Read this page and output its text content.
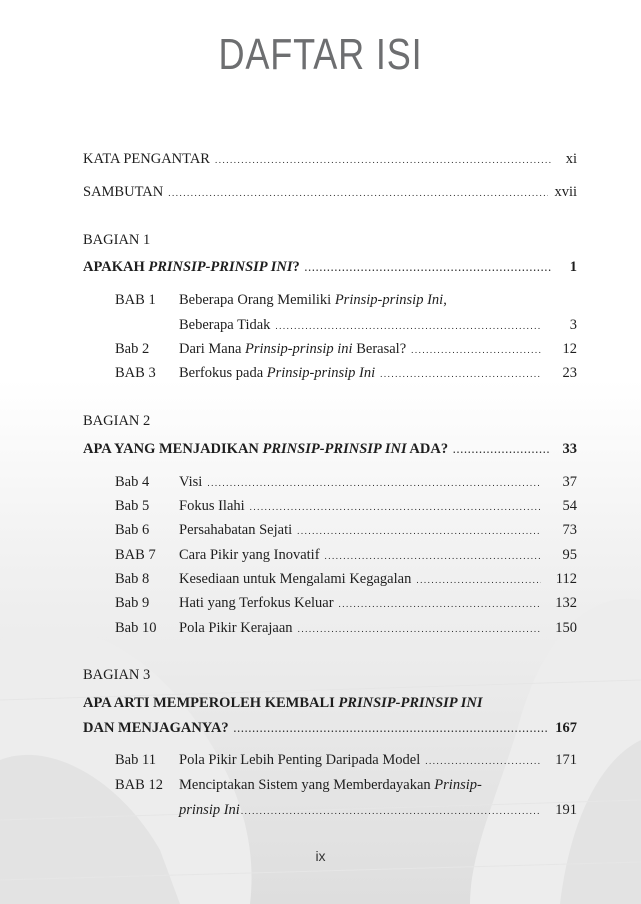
DAFTAR ISI
KATA PENGANTAR .....	xi
SAMBUTAN .....	xvii
BAGIAN 1
APAKAH PRINSIP-PRINSIP INI? .....	1
BAB 1	Beberapa Orang Memiliki Prinsip-prinsip Ini,
Beberapa Tidak .....	3
Bab 2	Dari Mana Prinsip-prinsip ini Berasal? .....	12
BAB 3	Berfokus pada Prinsip-prinsip Ini .....	23
BAGIAN 2
APA YANG MENJADIKAN PRINSIP-PRINSIP INI ADA? .....	33
Bab 4	Visi .....	37
Bab 5	Fokus Ilahi .....	54
Bab 6	Persahabatan Sejati .....	73
BAB 7	Cara Pikir yang Inovatif .....	95
Bab 8	Kesediaan untuk Mengalami Kegagalan .....	112
Bab 9	Hati yang Terfokus Keluar .....	132
Bab 10	Pola Pikir Kerajaan .....	150
BAGIAN 3
APA ARTI MEMPEROLEH KEMBALI PRINSIP-PRINSIP INI
DAN MENJAGANYA? .....	167
Bab 11	Pola Pikir Lebih Penting Daripada Model .....	171
BAB 12	Menciptakan Sistem yang Memberdayakan Prinsip-
prinsip Ini .....	191
ix
